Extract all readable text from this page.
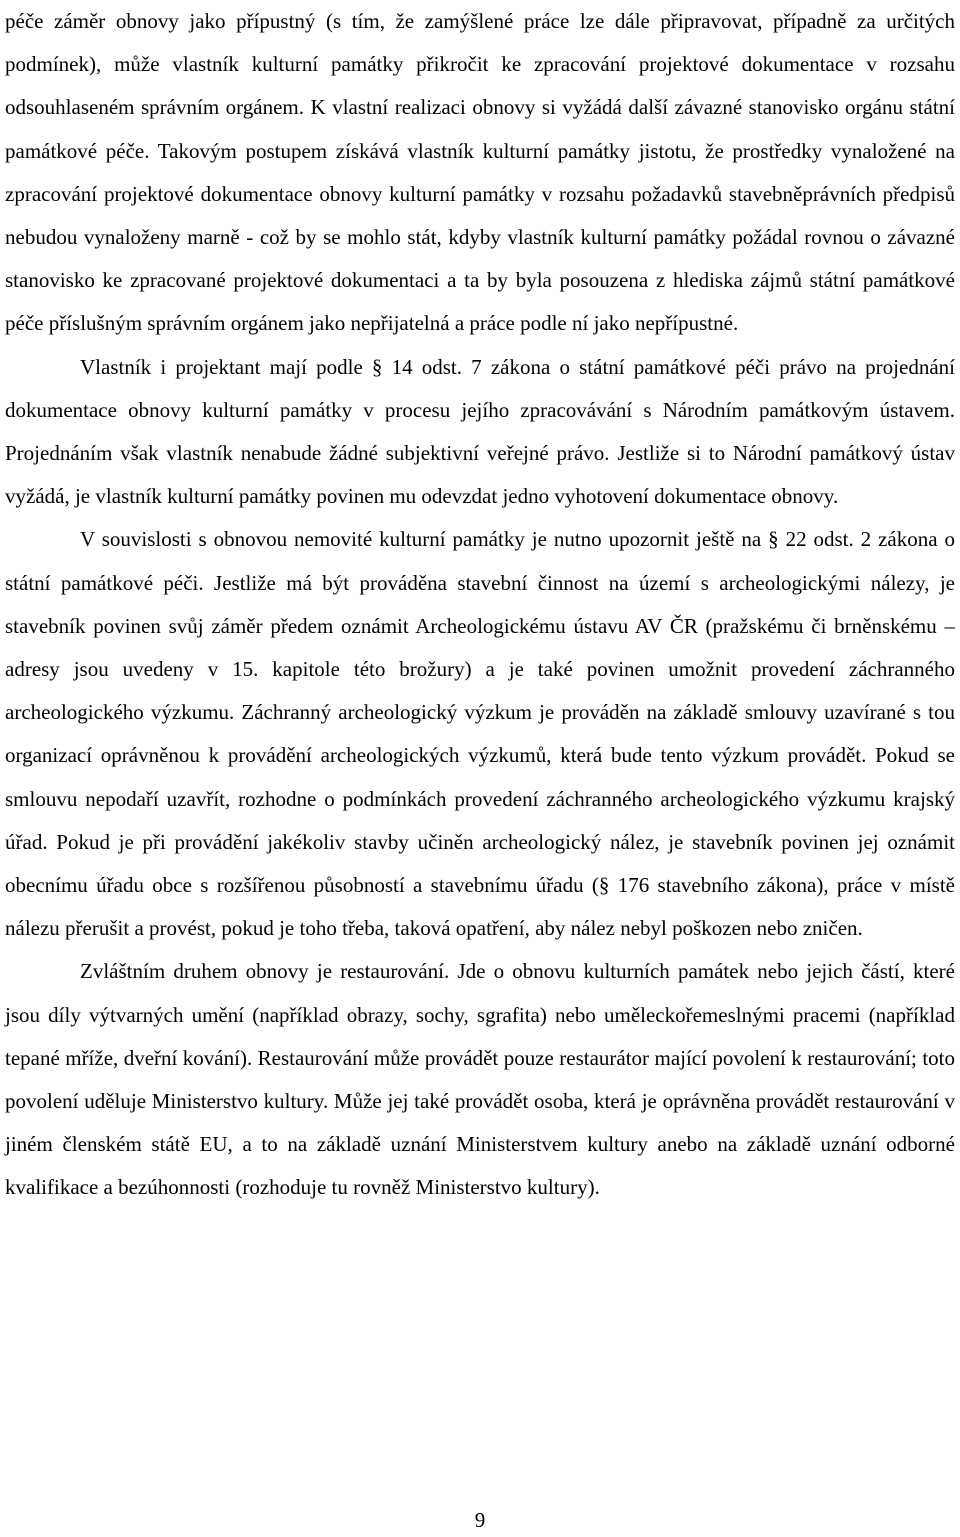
péče záměr obnovy jako přípustný (s tím, že zamýšlené práce lze dále připravovat, případně za určitých podmínek), může vlastník kulturní památky přikročit ke zpracování projektové dokumentace v rozsahu odsouhlaseném správním orgánem. K vlastní realizaci obnovy si vyžádá další závazné stanovisko orgánu státní památkové péče. Takovým postupem získává vlastník kulturní památky jistotu, že prostředky vynaložené na zpracování projektové dokumentace obnovy kulturní památky v rozsahu požadavků stavebněprávních předpisů nebudou vynaloženy marně - což by se mohlo stát, kdyby vlastník kulturní památky požádal rovnou o závazné stanovisko ke zpracované projektové dokumentaci a ta by byla posouzena z hlediska zájmů státní památkové péče příslušným správním orgánem jako nepřijatelná a práce podle ní jako nepřípustné.

Vlastník i projektant mají podle § 14 odst. 7 zákona o státní památkové péči právo na projednání dokumentace obnovy kulturní památky v procesu jejího zpracovávání s Národním památkovým ústavem. Projednáním však vlastník nenabude žádné subjektivní veřejné právo. Jestliže si to Národní památkový ústav vyžádá, je vlastník kulturní památky povinen mu odevzdat jedno vyhotovení dokumentace obnovy.

V souvislosti s obnovou nemovité kulturní památky je nutno upozornit ještě na § 22 odst. 2 zákona o státní památkové péči. Jestliže má být prováděna stavební činnost na území s archeologickými nálezy, je stavebník povinen svůj záměr předem oznámit Archeologickému ústavu AV ČR (pražskému či brněnskému – adresy jsou uvedeny v 15. kapitole této brožury) a je také povinen umožnit provedení záchranného archeologického výzkumu. Záchranný archeologický výzkum je prováděn na základě smlouvy uzavírané s tou organizací oprávněnou k provádění archeologických výzkumů, která bude tento výzkum provádět. Pokud se smlouvu nepodaří uzavřít, rozhodne o podmínkách provedení záchranného archeologického výzkumu krajský úřad. Pokud je při provádění jakékoliv stavby učiněn archeologický nález, je stavebník povinen jej oznámit obecnímu úřadu obce s rozšířenou působností a stavebnímu úřadu (§ 176 stavebního zákona), práce v místě nálezu přerušit a provést, pokud je toho třeba, taková opatření, aby nález nebyl poškozen nebo zničen.

Zvláštním druhem obnovy je restaurování. Jde o obnovu kulturních památek nebo jejich částí, které jsou díly výtvarných umění (například obrazy, sochy, sgrafita) nebo uměleckořemeslnými pracemi (například tepané mříže, dveřní kování). Restaurování může provádět pouze restaurátor mající povolení k restaurování; toto povolení uděluje Ministerstvo kultury. Může jej také provádět osoba, která je oprávněna provádět restaurování v jiném členském státě EU, a to na základě uznání Ministerstvem kultury anebo na základě uznání odborné kvalifikace a bezúhonnosti (rozhoduje tu rovněž Ministerstvo kultury).

9
